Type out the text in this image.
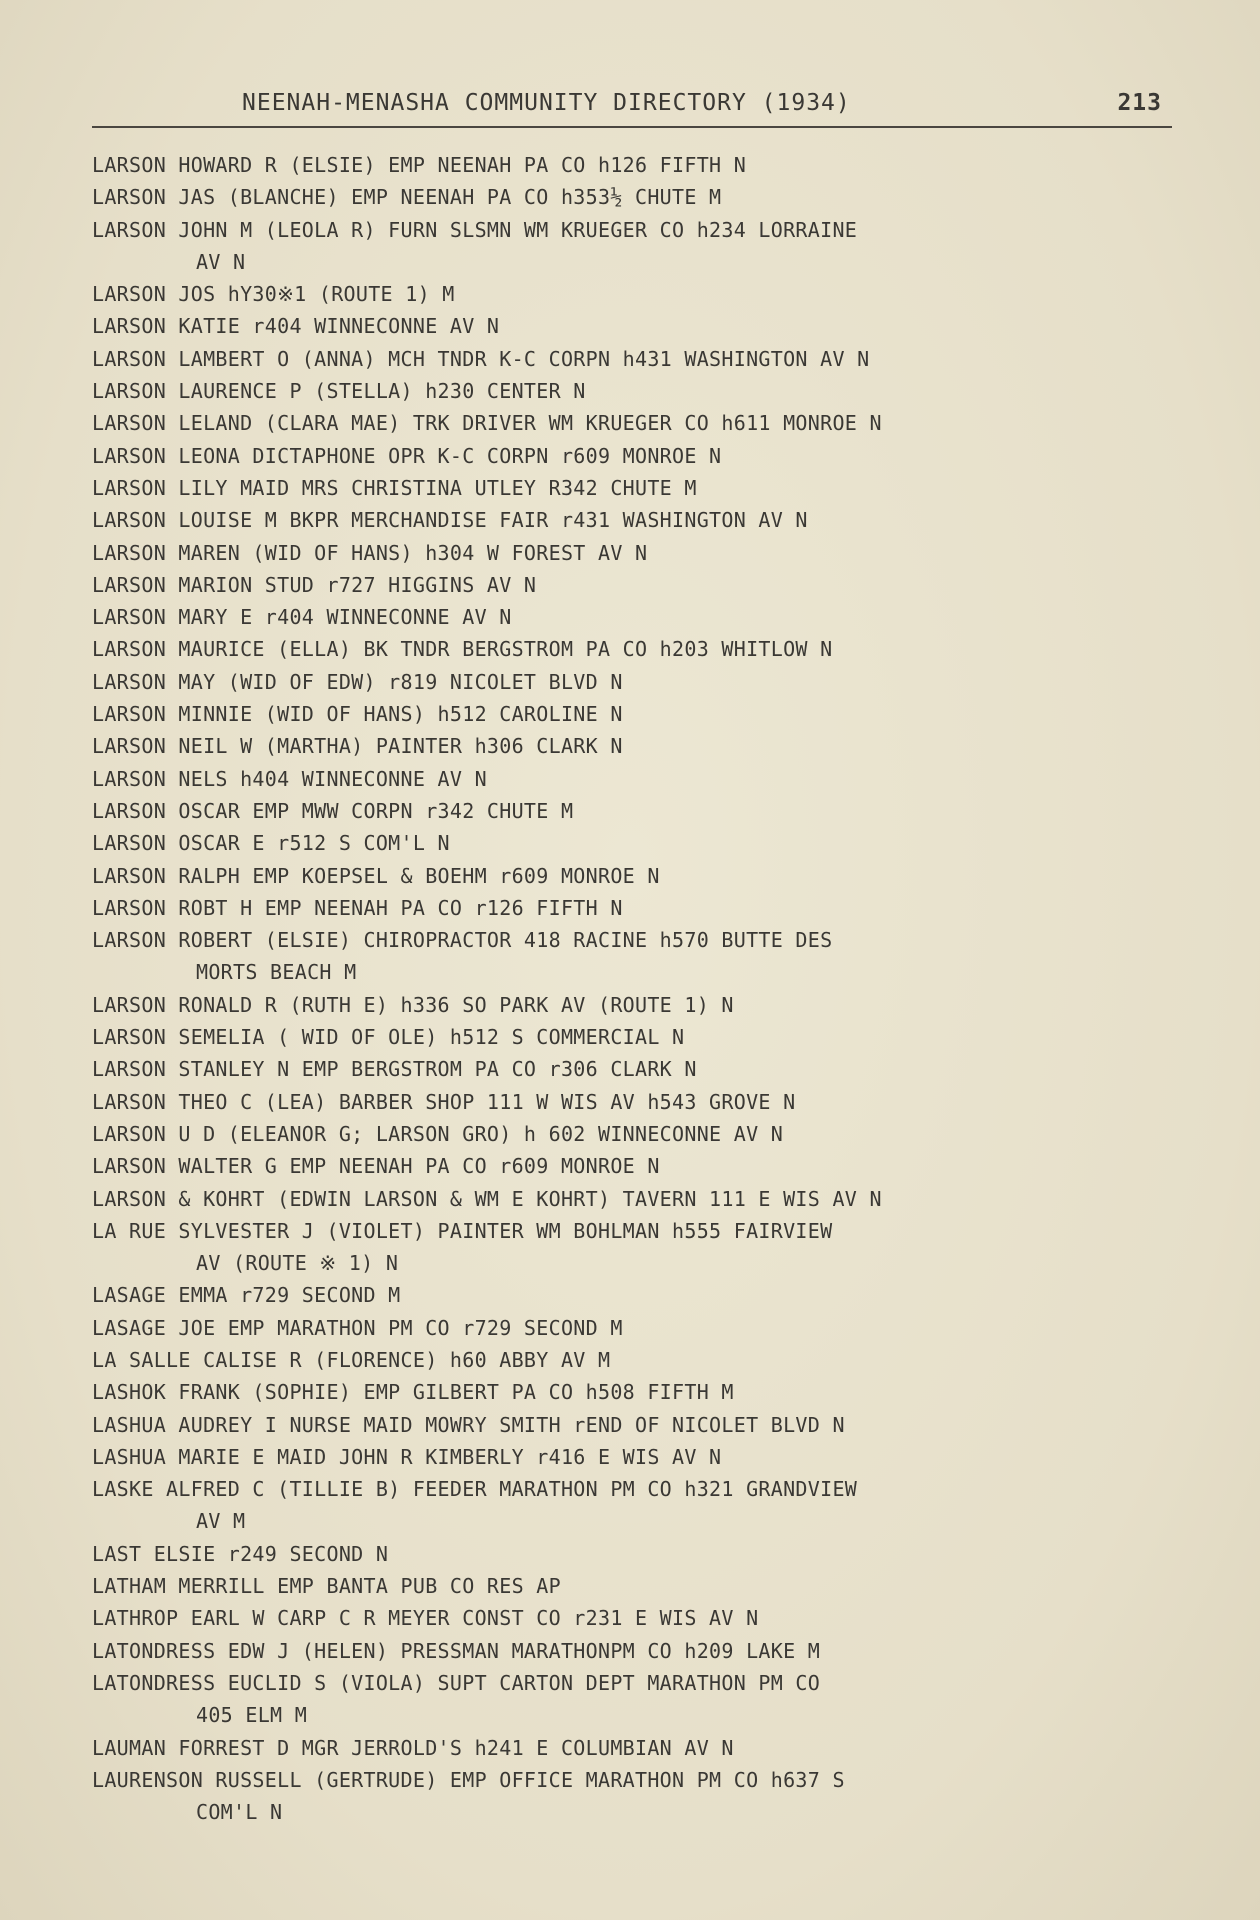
NEENAH-MENASHA COMMUNITY DIRECTORY (1934)	213
LARSON HOWARD R (ELSIE) EMP NEENAH PA CO h126 FIFTH N
LARSON JAS (BLANCHE) EMP NEENAH PA CO h353½ CHUTE M
LARSON JOHN M (LEOLA R) FURN SLSMN WM KRUEGER CO h234 LORRAINE
AV N
LARSON JOS hY30※1 (ROUTE 1) M
LARSON KATIE r404 WINNECONNE AV N
LARSON LAMBERT O (ANNA) MCH TNDR K-C CORPN h431 WASHINGTON AV N
LARSON LAURENCE P (STELLA) h230 CENTER N
LARSON LELAND (CLARA MAE) TRK DRIVER WM KRUEGER CO h611 MONROE N
LARSON LEONA DICTAPHONE OPR K-C CORPN r609 MONROE N
LARSON LILY MAID MRS CHRISTINA UTLEY R342 CHUTE M
LARSON LOUISE M BKPR MERCHANDISE FAIR r431 WASHINGTON AV N
LARSON MAREN (WID OF HANS) h304 W FOREST AV N
LARSON MARION STUD r727 HIGGINS AV N
LARSON MARY E r404 WINNECONNE AV N
LARSON MAURICE (ELLA) BK TNDR BERGSTROM PA CO h203 WHITLOW N
LARSON MAY (WID OF EDW) r819 NICOLET BLVD N
LARSON MINNIE (WID OF HANS) h512 CAROLINE N
LARSON NEIL W (MARTHA) PAINTER h306 CLARK N
LARSON NELS h404 WINNECONNE AV N
LARSON OSCAR EMP MWW CORPN r342 CHUTE M
LARSON OSCAR E r512 S COM'L N
LARSON RALPH EMP KOEPSEL & BOEHM r609 MONROE N
LARSON ROBT H EMP NEENAH PA CO r126 FIFTH N
LARSON ROBERT (ELSIE) CHIROPRACTOR 418 RACINE h570 BUTTE DES
MORTS BEACH M
LARSON RONALD R (RUTH E) h336 SO PARK AV (ROUTE 1) N
LARSON SEMELIA ( WID OF OLE) h512 S COMMERCIAL N
LARSON STANLEY N EMP BERGSTROM PA CO r306 CLARK N
LARSON THEO C (LEA) BARBER SHOP 111 W WIS AV h543 GROVE N
LARSON U D (ELEANOR G; LARSON GRO) h 602 WINNECONNE AV N
LARSON WALTER G EMP NEENAH PA CO r609 MONROE N
LARSON & KOHRT (EDWIN LARSON & WM E KOHRT) TAVERN 111 E WIS AV N
LA RUE SYLVESTER J (VIOLET) PAINTER WM BOHLMAN h555 FAIRVIEW
AV (ROUTE ※ 1) N
LASAGE EMMA r729 SECOND M
LASAGE JOE EMP MARATHON PM CO r729 SECOND M
LA SALLE CALISE R (FLORENCE) h60 ABBY AV M
LASHOK FRANK (SOPHIE) EMP GILBERT PA CO h508 FIFTH M
LASHUA AUDREY I NURSE MAID MOWRY SMITH rEND OF NICOLET BLVD N
LASHUA MARIE E MAID JOHN R KIMBERLY r416 E WIS AV N
LASKE ALFRED C (TILLIE B) FEEDER MARATHON PM CO h321 GRANDVIEW
AV M
LAST ELSIE r249 SECOND N
LATHAM MERRILL EMP BANTA PUB CO RES AP
LATHROP EARL W CARP C R MEYER CONST CO r231 E WIS AV N
LATONDRESS EDW J (HELEN) PRESSMAN MARATHONPM CO h209 LAKE M
LATONDRESS EUCLID S (VIOLA) SUPT CARTON DEPT MARATHON PM CO
405 ELM M
LAUMAN FORREST D MGR JERROLD'S h241 E COLUMBIAN AV N
LAURENSON RUSSELL (GERTRUDE) EMP OFFICE MARATHON PM CO h637 S
COM'L N
